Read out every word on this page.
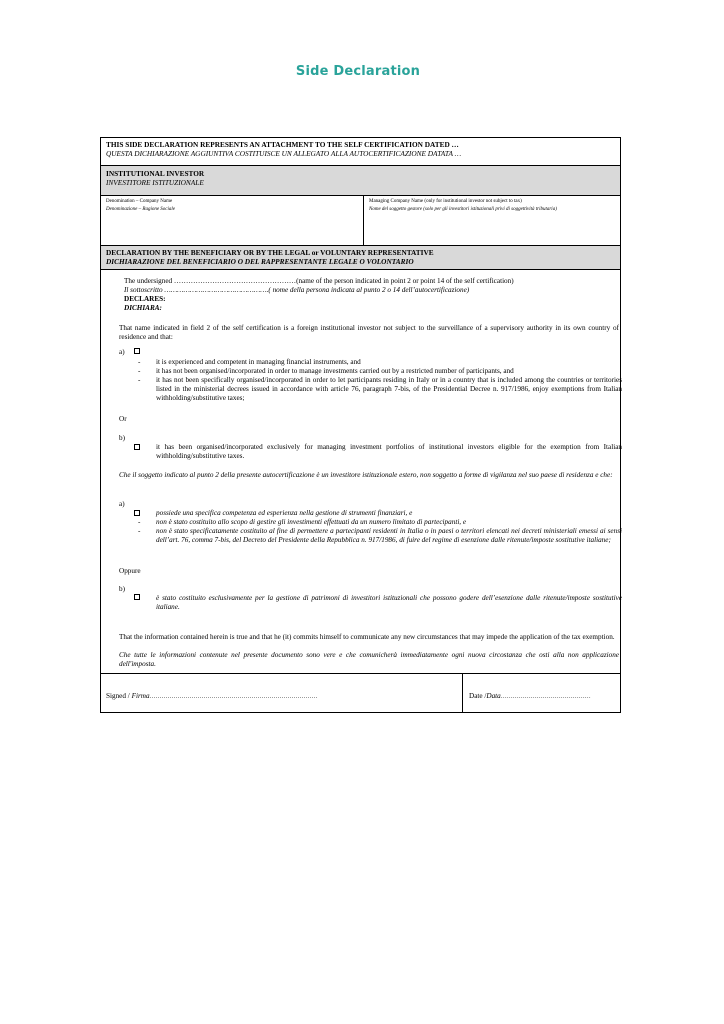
Side Declaration
THIS SIDE DECLARATION REPRESENTS AN ATTACHMENT TO THE SELF CERTIFICATION DATED …
QUESTA DICHIARAZIONE AGGIUNTIVA COSTITUISCE UN ALLEGATO ALLA AUTOCERTIFICAZIONE DATATA …
INSTITUTIONAL INVESTOR
INVESTITORE ISTITUZIONALE
Denomination – Company Name
Denominazione – Ragione Sociale
Managing Company Name (only for institutional investor not subject to tax)
Nome del soggetto gestore (solo per gli investitori istituzionali privi di soggettività tributaria)
DECLARATION BY THE BENEFICIARY OR BY THE LEGAL or VOLUNTARY REPRESENTATIVE
DICHIARAZIONE DEL BENEFICIARIO O DEL RAPPRESENTANTE LEGALE O VOLONTARIO
The undersigned ……………………………………………(name of the person indicated in point 2 or point 14 of the self certification)
Il sottoscritto ………………………………………….( nome della persona indicata al punto 2 o 14 dell’autocertificazione)
DECLARES:
DICHIARA:
That name indicated in field 2 of the self certification is a foreign institutional investor not subject to the surveillance of a supervisory authority in its own country of residence and that:
a)
- it is experienced and competent in managing financial instruments, and
- it has not been organised/incorporated in order to manage investments carried out by a restricted number of participants, and
- it has not been specifically organised/incorporated in order to let participants residing in Italy or in a country that is included among the countries or territories listed in the ministerial decrees issued in accordance with article 76, paragraph 7-bis, of the Presidential Decree n. 917/1986, enjoy exemptions from Italian withholding/substitutive taxes;
Or
b)
it has been organised/incorporated exclusively for managing investment portfolios of institutional investors eligible for the exemption from Italian withholding/substitutive taxes.
Che il soggetto indicato al punto 2 della presente autocertificazione è un investitore istituzionale estero, non soggetto a forme di vigilanza nel suo paese di residenza e che:
a)
possiede una specifica competenza ed esperienza nella gestione di strumenti finanziari, e
- non è stato costituito allo scopo di gestire gli investimenti effettuati da un numero limitato di partecipanti, e
- non è stato specificatamente costituito al fine di permettere a partecipanti residenti in Italia o in paesi o territori elencati nei decreti ministeriali emessi ai sensi dell’art. 76, comma 7-bis, del Decreto del Presidente della Repubblica n. 917/1986, di fuire del regime di esenzione dalle ritenute/imposte sostitutive italiane;
Oppure
b)
è stato costituito esclusivamente per la gestione di patrimoni di investitori istituzionali che possono godere dell’esenzione dalle ritenute/imposte sostitutive italiane.
That the information contained herein is true and that he (it) commits himself to communicate any new circumstances that may impede the application of the tax exemption.
Che tutte le informazioni contenute nel presente documento sono vere e che comunicherà immediatamente ogni nuova circostanza che osti alla non applicazione dell'imposta.
Signed / Firma…………………………………………………………………………	Date /Data………………………………………
